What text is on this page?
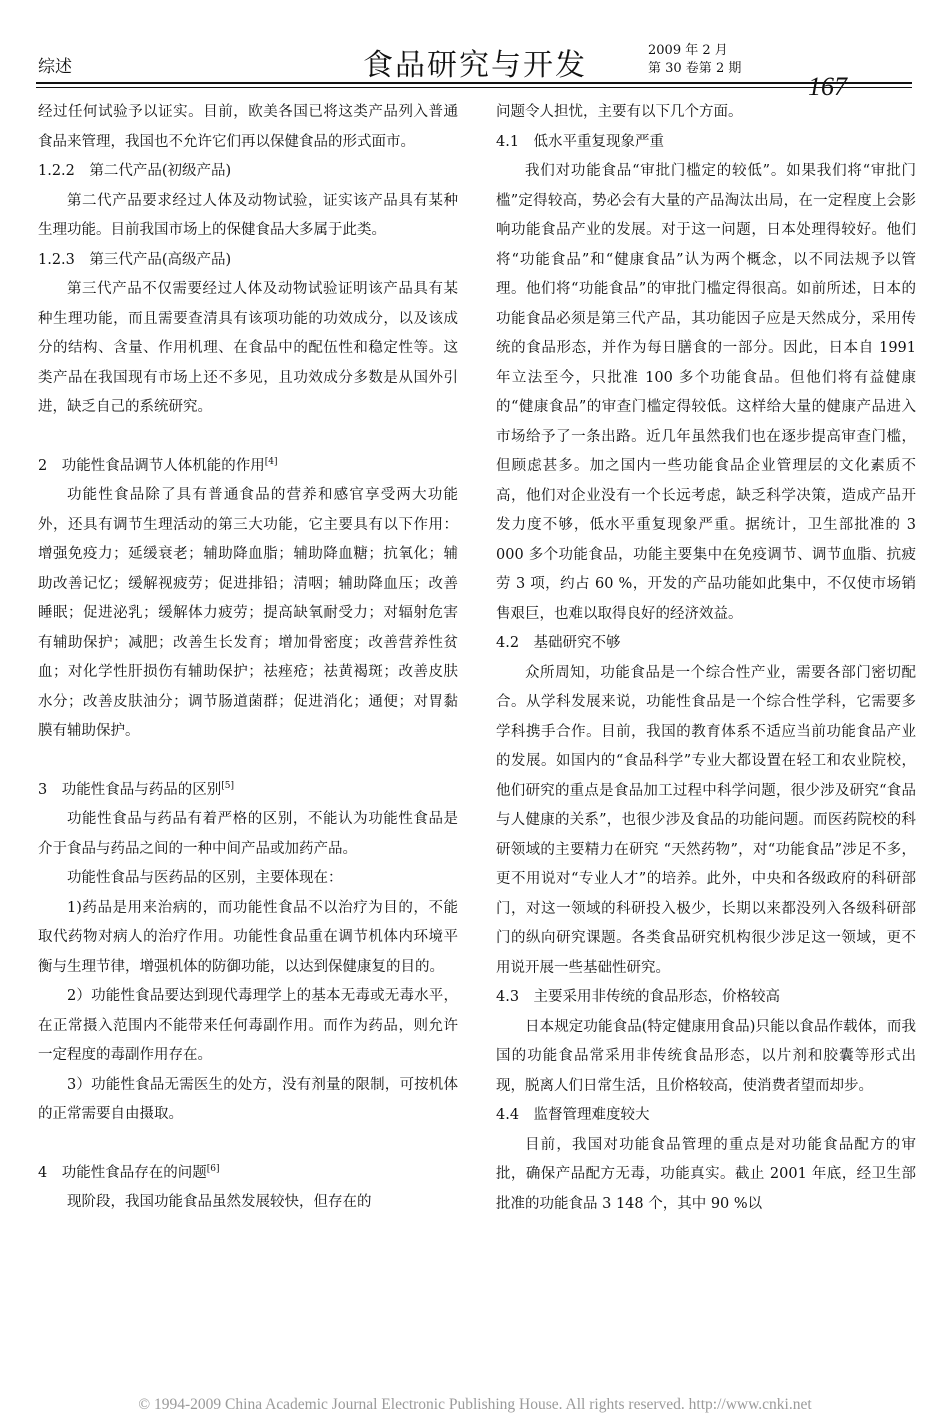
综述	食品研究与开发	2009 年 2 月
第 30 卷第 2 期
167

经过任何试验予以证实。目前，欧美各国已将这类产品列入普通食品来管理，我国也不允许它们再以保健食品的形式面市。

1.2.2　第二代产品(初级产品)

第二代产品要求经过人体及动物试验，证实该产品具有某种生理功能。目前我国市场上的保健食品大多属于此类。

1.2.3　第三代产品(高级产品)

第三代产品不仅需要经过人体及动物试验证明该产品具有某种生理功能，而且需要查清具有该项功能的功效成分，以及该成分的结构、含量、作用机理、在食品中的配伍性和稳定性等。这类产品在我国现有市场上还不多见，且功效成分多数是从国外引进，缺乏自己的系统研究。

2　功能性食品调节人体机能的作用[4]

功能性食品除了具有普通食品的营养和感官享受两大功能外，还具有调节生理活动的第三大功能，它主要具有以下作用：增强免疫力；延缓衰老；辅助降血脂；辅助降血糖；抗氧化；辅助改善记忆；缓解视疲劳；促进排铅；清咽；辅助降血压；改善睡眠；促进泌乳；缓解体力疲劳；提高缺氧耐受力；对辐射危害有辅助保护；减肥；改善生长发育；增加骨密度；改善营养性贫血；对化学性肝损伤有辅助保护；祛痤疮；祛黄褐斑；改善皮肤水分；改善皮肤油分；调节肠道菌群；促进消化；通便；对胃黏膜有辅助保护。

3　功能性食品与药品的区别[5]

功能性食品与药品有着严格的区别，不能认为功能性食品是介于食品与药品之间的一种中间产品或加药产品。

功能性食品与医药品的区别，主要体现在：

1)药品是用来治病的，而功能性食品不以治疗为目的，不能取代药物对病人的治疗作用。功能性食品重在调节机体内环境平衡与生理节律，增强机体的防御功能，以达到保健康复的目的。

2）功能性食品要达到现代毒理学上的基本无毒或无毒水平，在正常摄入范围内不能带来任何毒副作用。而作为药品，则允许一定程度的毒副作用存在。

3）功能性食品无需医生的处方，没有剂量的限制，可按机体的正常需要自由摄取。

4　功能性食品存在的问题[6]

现阶段，我国功能食品虽然发展较快，但存在的

问题令人担忧，主要有以下几个方面。

4.1　低水平重复现象严重

我们对功能食品“审批门槛定的较低”。如果我们将“审批门槛”定得较高，势必会有大量的产品淘汰出局，在一定程度上会影响功能食品产业的发展。对于这一问题，日本处理得较好。他们将“功能食品”和“健康食品”认为两个概念，以不同法规予以管理。他们将“功能食品”的审批门槛定得很高。如前所述，日本的功能食品必须是第三代产品，其功能因子应是天然成分，采用传统的食品形态，并作为每日膳食的一部分。因此，日本自 1991 年立法至今，只批准 100 多个功能食品。但他们将有益健康的“健康食品”的审查门槛定得较低。这样给大量的健康产品进入市场给予了一条出路。近几年虽然我们也在逐步提高审查门槛，但顾虑甚多。加之国内一些功能食品企业管理层的文化素质不高，他们对企业没有一个长远考虑，缺乏科学决策，造成产品开发力度不够，低水平重复现象严重。据统计，卫生部批准的 3 000 多个功能食品，功能主要集中在免疫调节、调节血脂、抗疲劳 3 项，约占 60 %，开发的产品功能如此集中，不仅使市场销售艰巨，也难以取得良好的经济效益。

4.2　基础研究不够

众所周知，功能食品是一个综合性产业，需要各部门密切配合。从学科发展来说，功能性食品是一个综合性学科，它需要多学科携手合作。目前，我国的教育体系不适应当前功能食品产业的发展。如国内的“食品科学”专业大都设置在轻工和农业院校，他们研究的重点是食品加工过程中科学问题，很少涉及研究“食品与人健康的关系”，也很少涉及食品的功能问题。而医药院校的科研领域的主要精力在研究 “天然药物”，对“功能食品”涉足不多，更不用说对“专业人才”的培养。此外，中央和各级政府的科研部门，对这一领域的科研投入极少，长期以来都没列入各级科研部门的纵向研究课题。各类食品研究机构很少涉足这一领域，更不用说开展一些基础性研究。

4.3　主要采用非传统的食品形态，价格较高

日本规定功能食品(特定健康用食品)只能以食品作载体，而我国的功能食品常采用非传统食品形态，以片剂和胶囊等形式出现，脱离人们日常生活，且价格较高，使消费者望而却步。

4.4　监督管理难度较大

目前，我国对功能食品管理的重点是对功能食品配方的审批，确保产品配方无毒，功能真实。截止 2001 年底，经卫生部批准的功能食品 3 148 个，其中 90 %以

© 1994-2009 China Academic Journal Electronic Publishing House. All rights reserved. http://www.cnki.net
